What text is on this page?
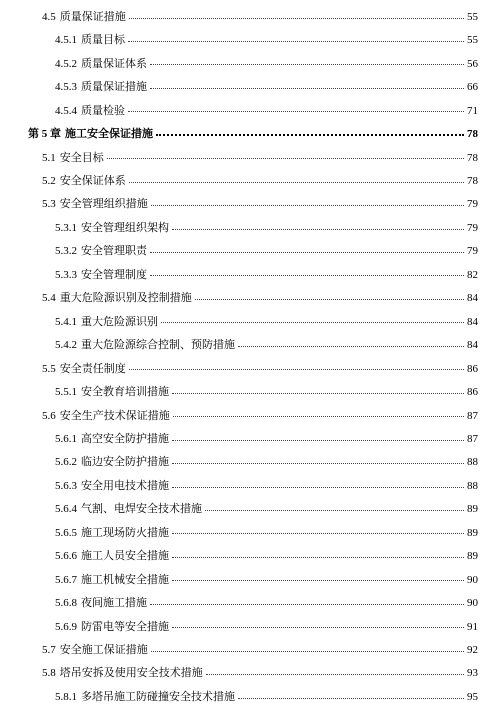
4.5 质量保证措施	55
4.5.1 质量目标	55
4.5.2 质量保证体系	56
4.5.3 质量保证措施	66
4.5.4 质量检验	71
第 5 章 施工安全保证措施	78
5.1 安全目标	78
5.2 安全保证体系	78
5.3 安全管理组织措施	79
5.3.1 安全管理组织架构	79
5.3.2 安全管理职责	79
5.3.3 安全管理制度	82
5.4 重大危险源识别及控制措施	84
5.4.1 重大危险源识别	84
5.4.2 重大危险源综合控制、预防措施	84
5.5 安全责任制度	86
5.5.1 安全教育培训措施	86
5.6 安全生产技术保证措施	87
5.6.1 高空安全防护措施	87
5.6.2 临边安全防护措施	88
5.6.3 安全用电技术措施	88
5.6.4 气割、电焊安全技术措施	89
5.6.5 施工现场防火措施	89
5.6.6 施工人员安全措施	89
5.6.7 施工机械安全措施	90
5.6.8 夜间施工措施	90
5.6.9 防雷电等安全措施	91
5.7 安全施工保证措施	92
5.8 塔吊安拆及使用安全技术措施	93
5.8.1 多塔吊施工防碰撞安全技术措施	95
